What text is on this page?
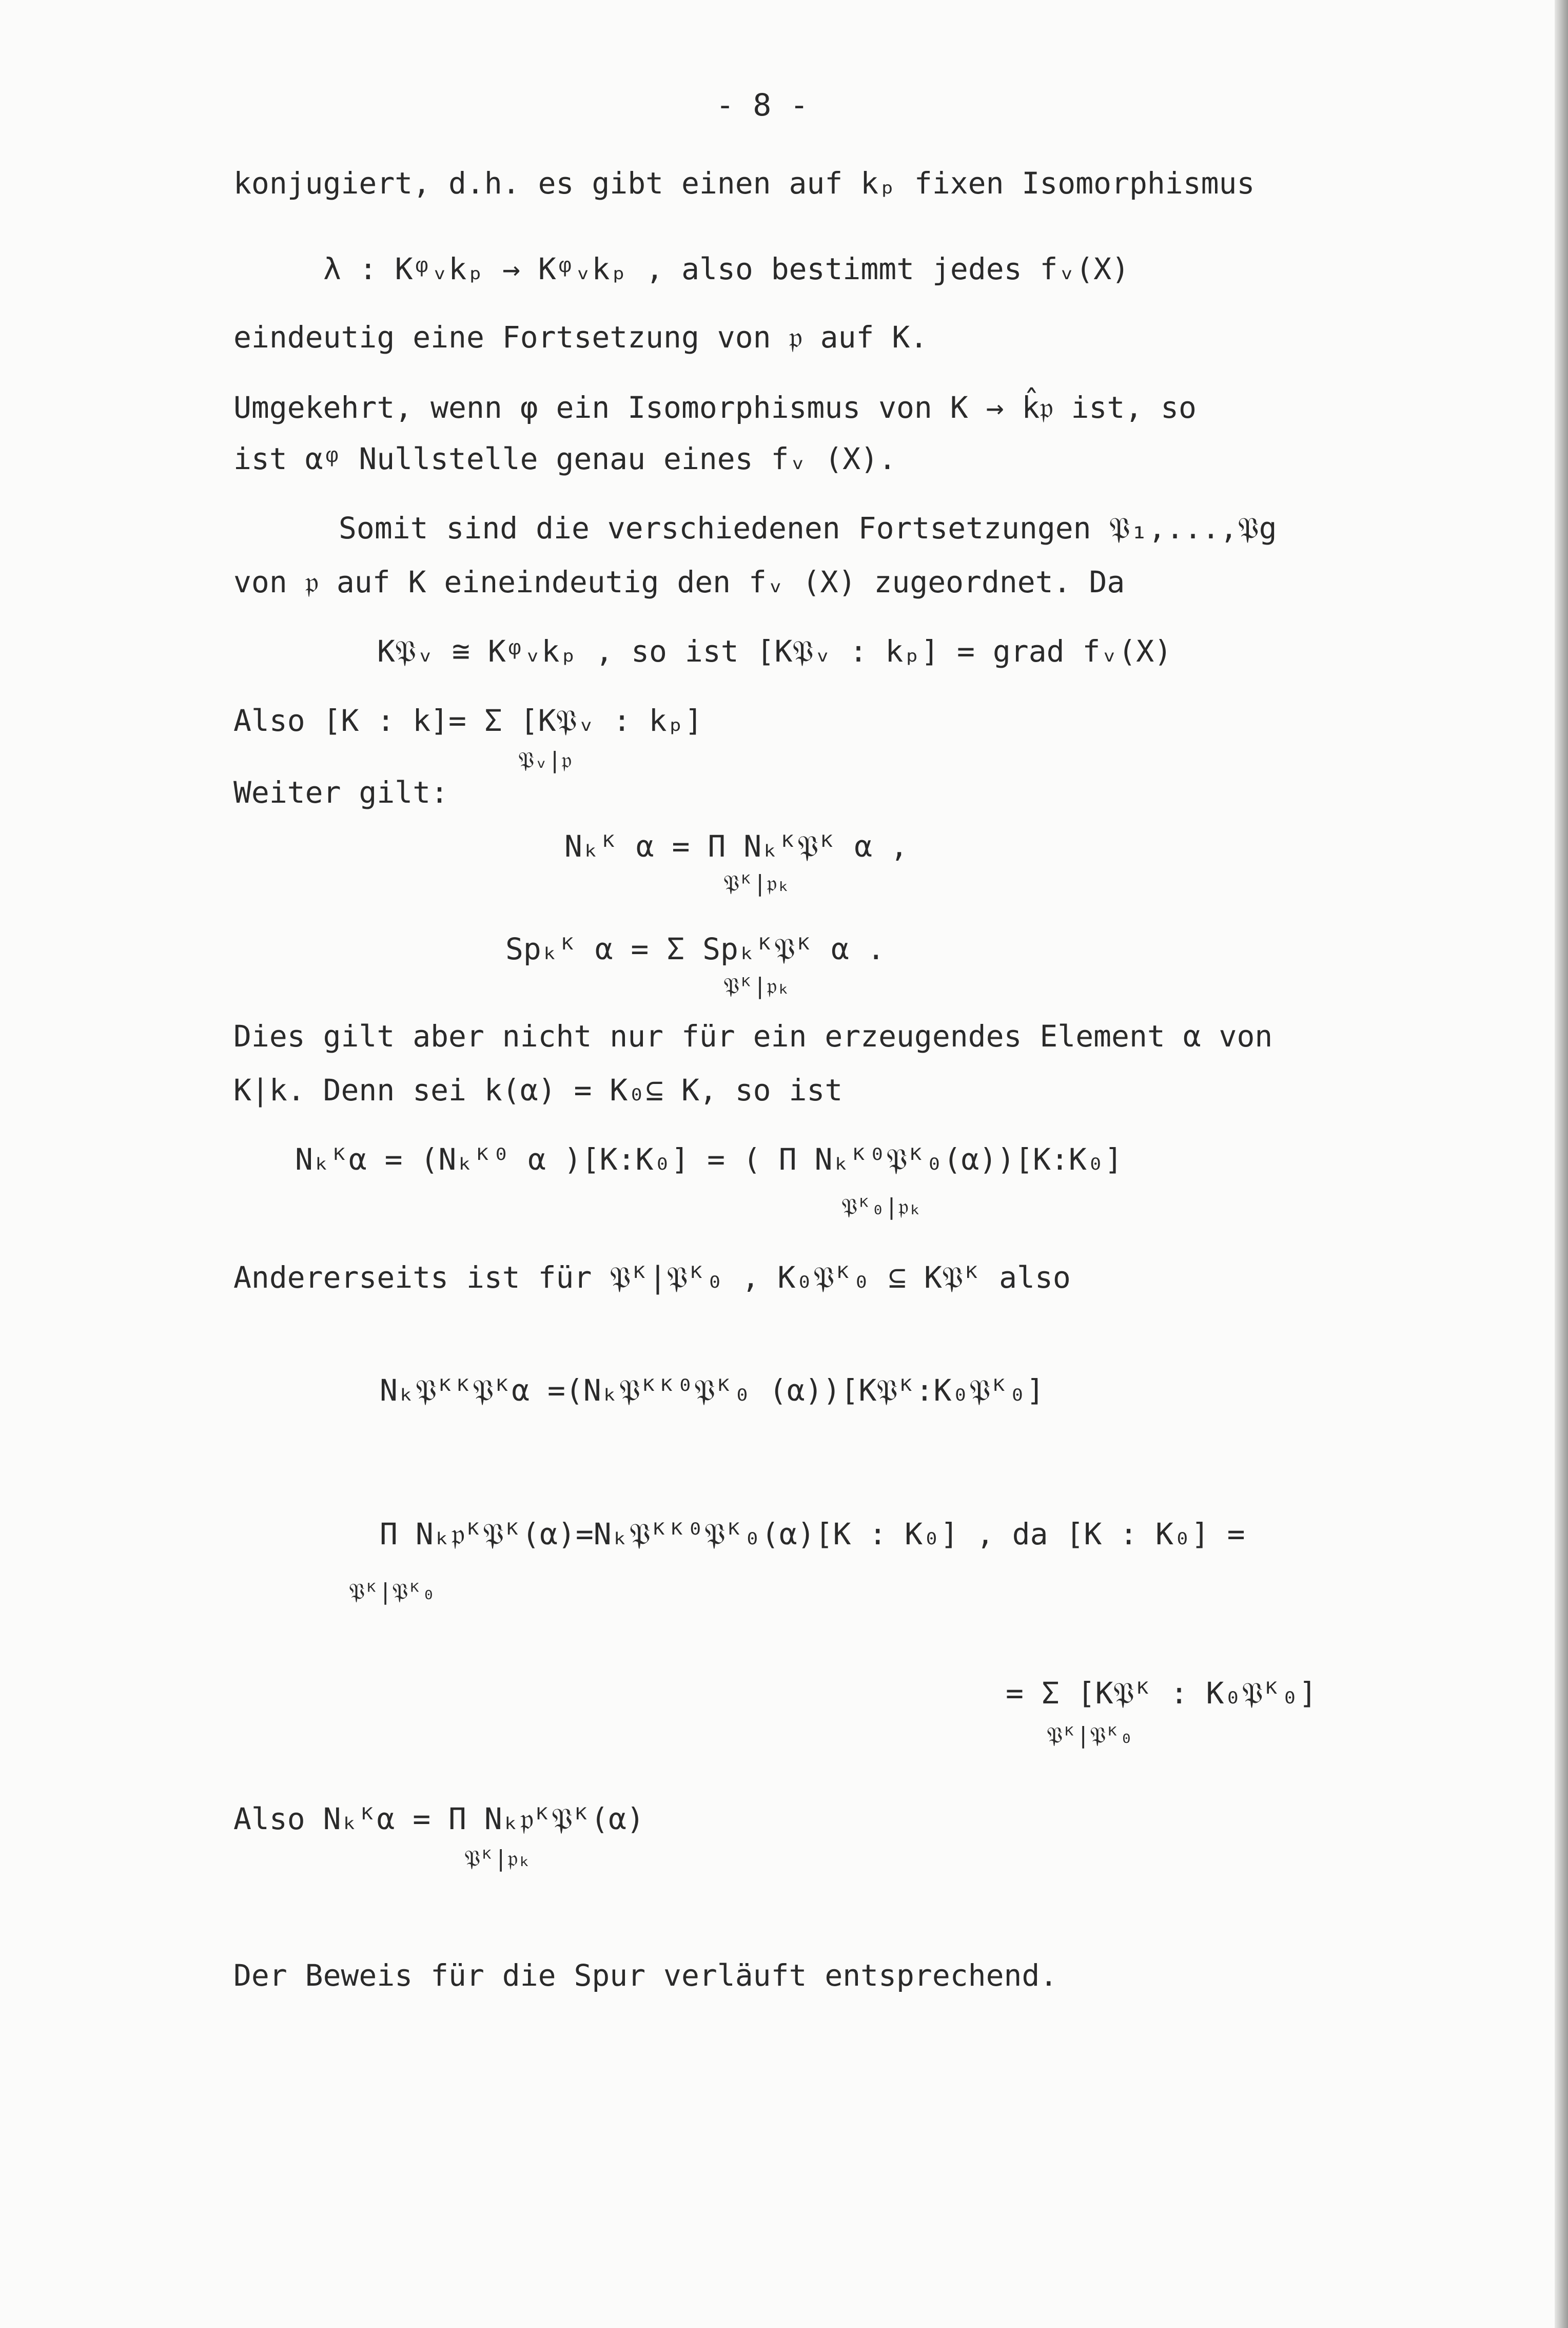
- 8 -
konjugiert, d.h. es gibt einen auf kₚ fixen Isomorphismus
λ : Kᵠᵥkₚ → Kᵠᵥkₚ , also bestimmt jedes fᵥ(X)
eindeutig eine Fortsetzung von 𝔭 auf K.
Umgekehrt, wenn φ ein Isomorphismus von K → k̂𝔭 ist, so
ist αᵠ Nullstelle genau eines fᵥ (X).
Somit sind die verschiedenen Fortsetzungen 𝔓₁,...,𝔓g
von 𝔭 auf K eineindeutig den fᵥ (X) zugeordnet. Da
K𝔓ᵥ ≅ Kᵠᵥkₚ , so ist [K𝔓ᵥ : kₚ] = grad fᵥ(X)
Also [K : k]= Σ [K𝔓ᵥ : kₚ]
𝔓ᵥ|𝔭
Weiter gilt:
Nₖᴷ α = Π Nₖᴷ𝔓ᴷ α ,
𝔓ᴷ|𝔭ₖ
Spₖᴷ α = Σ Spₖᴷ𝔓ᴷ α .
𝔓ᴷ|𝔭ₖ
Dies gilt aber nicht nur für ein erzeugendes Element α von
K|k. Denn sei k(α) = K₀⊆ K, so ist
Nₖᴷα = (Nₖᴷ⁰ α )[K:K₀] = ( Π Nₖᴷ⁰𝔓ᴷ₀(α))[K:K₀]
𝔓ᴷ₀|𝔭ₖ
Andererseits ist für 𝔓ᴷ|𝔓ᴷ₀ , K₀𝔓ᴷ₀ ⊆ K𝔓ᴷ also
Nₖ𝔓ᴷᴷ𝔓ᴷα =(Nₖ𝔓ᴷᴷ⁰𝔓ᴷ₀ (α))[K𝔓ᴷ:K₀𝔓ᴷ₀]
Π Nₖ𝔭ᴷ𝔓ᴷ(α)=Nₖ𝔓ᴷᴷ⁰𝔓ᴷ₀(α)[K : K₀] , da [K : K₀] =
𝔓ᴷ|𝔓ᴷ₀
= Σ [K𝔓ᴷ : K₀𝔓ᴷ₀]
𝔓ᴷ|𝔓ᴷ₀
Also Nₖᴷα = Π Nₖ𝔭ᴷ𝔓ᴷ(α)
𝔓ᴷ|𝔭ₖ
Der Beweis für die Spur verläuft entsprechend.
